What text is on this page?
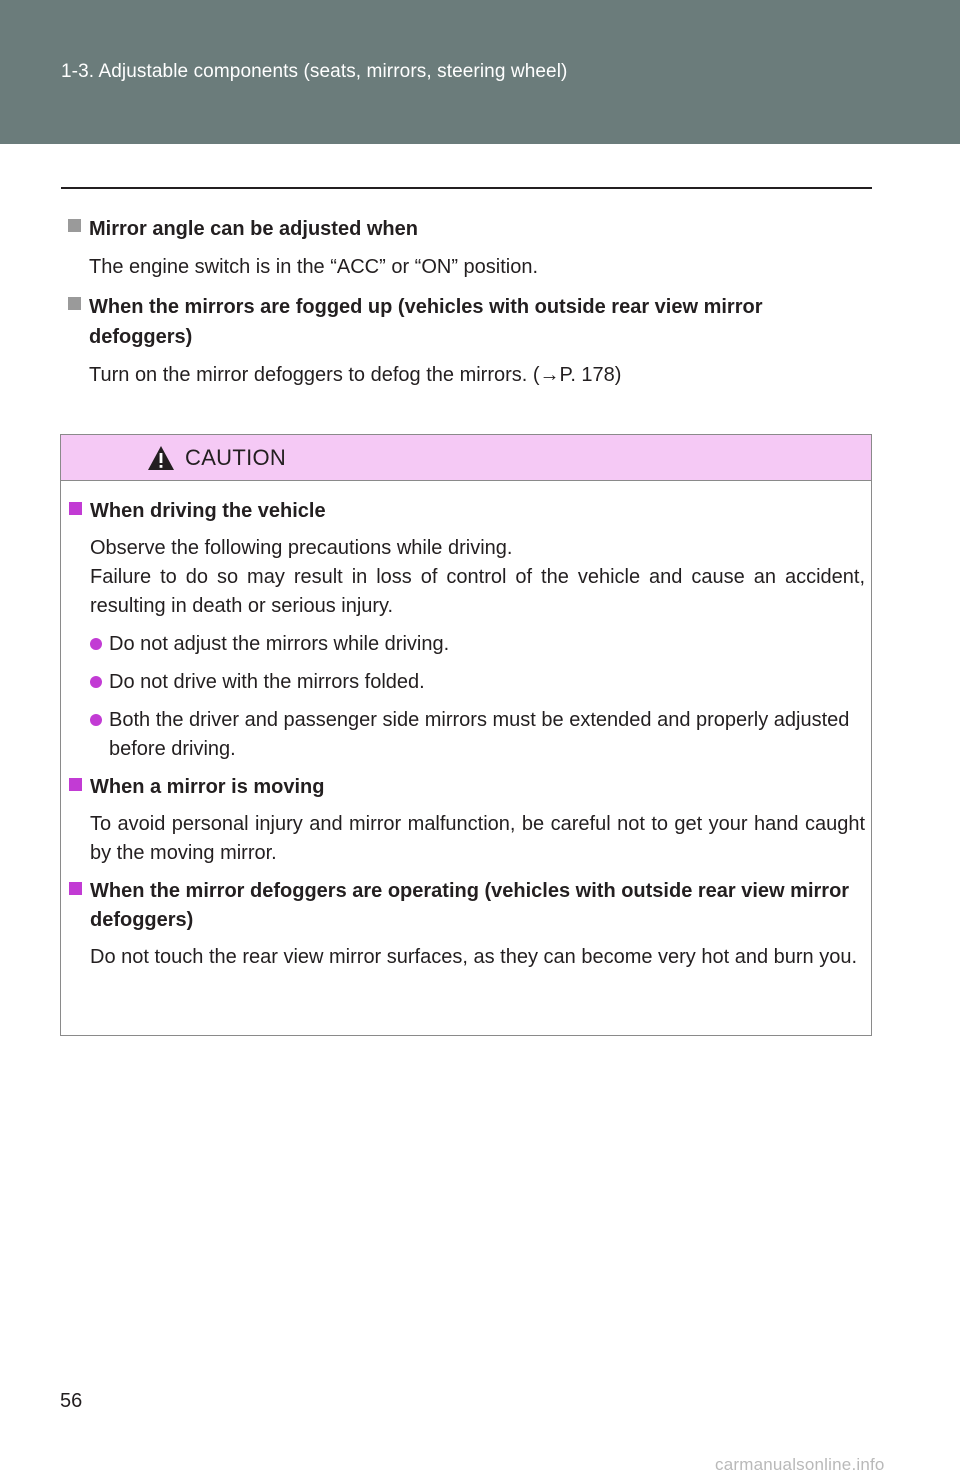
1-3. Adjustable components (seats, mirrors, steering wheel)
Mirror angle can be adjusted when
The engine switch is in the “ACC” or “ON” position.
When the mirrors are fogged up (vehicles with outside rear view mirror defoggers)
Turn on the mirror defoggers to defog the mirrors. (→P. 178)
CAUTION
When driving the vehicle

Observe the following precautions while driving.

Failure to do so may result in loss of control of the vehicle and cause an accident, resulting in death or serious injury.

Do not adjust the mirrors while driving.
Do not drive with the mirrors folded.
Both the driver and passenger side mirrors must be extended and properly adjusted before driving.
When a mirror is moving
To avoid personal injury and mirror malfunction, be careful not to get your hand caught by the moving mirror.
When the mirror defoggers are operating (vehicles with outside rear view mirror defoggers)
Do not touch the rear view mirror surfaces, as they can become very hot and burn you.
56
carmanualsonline.info
